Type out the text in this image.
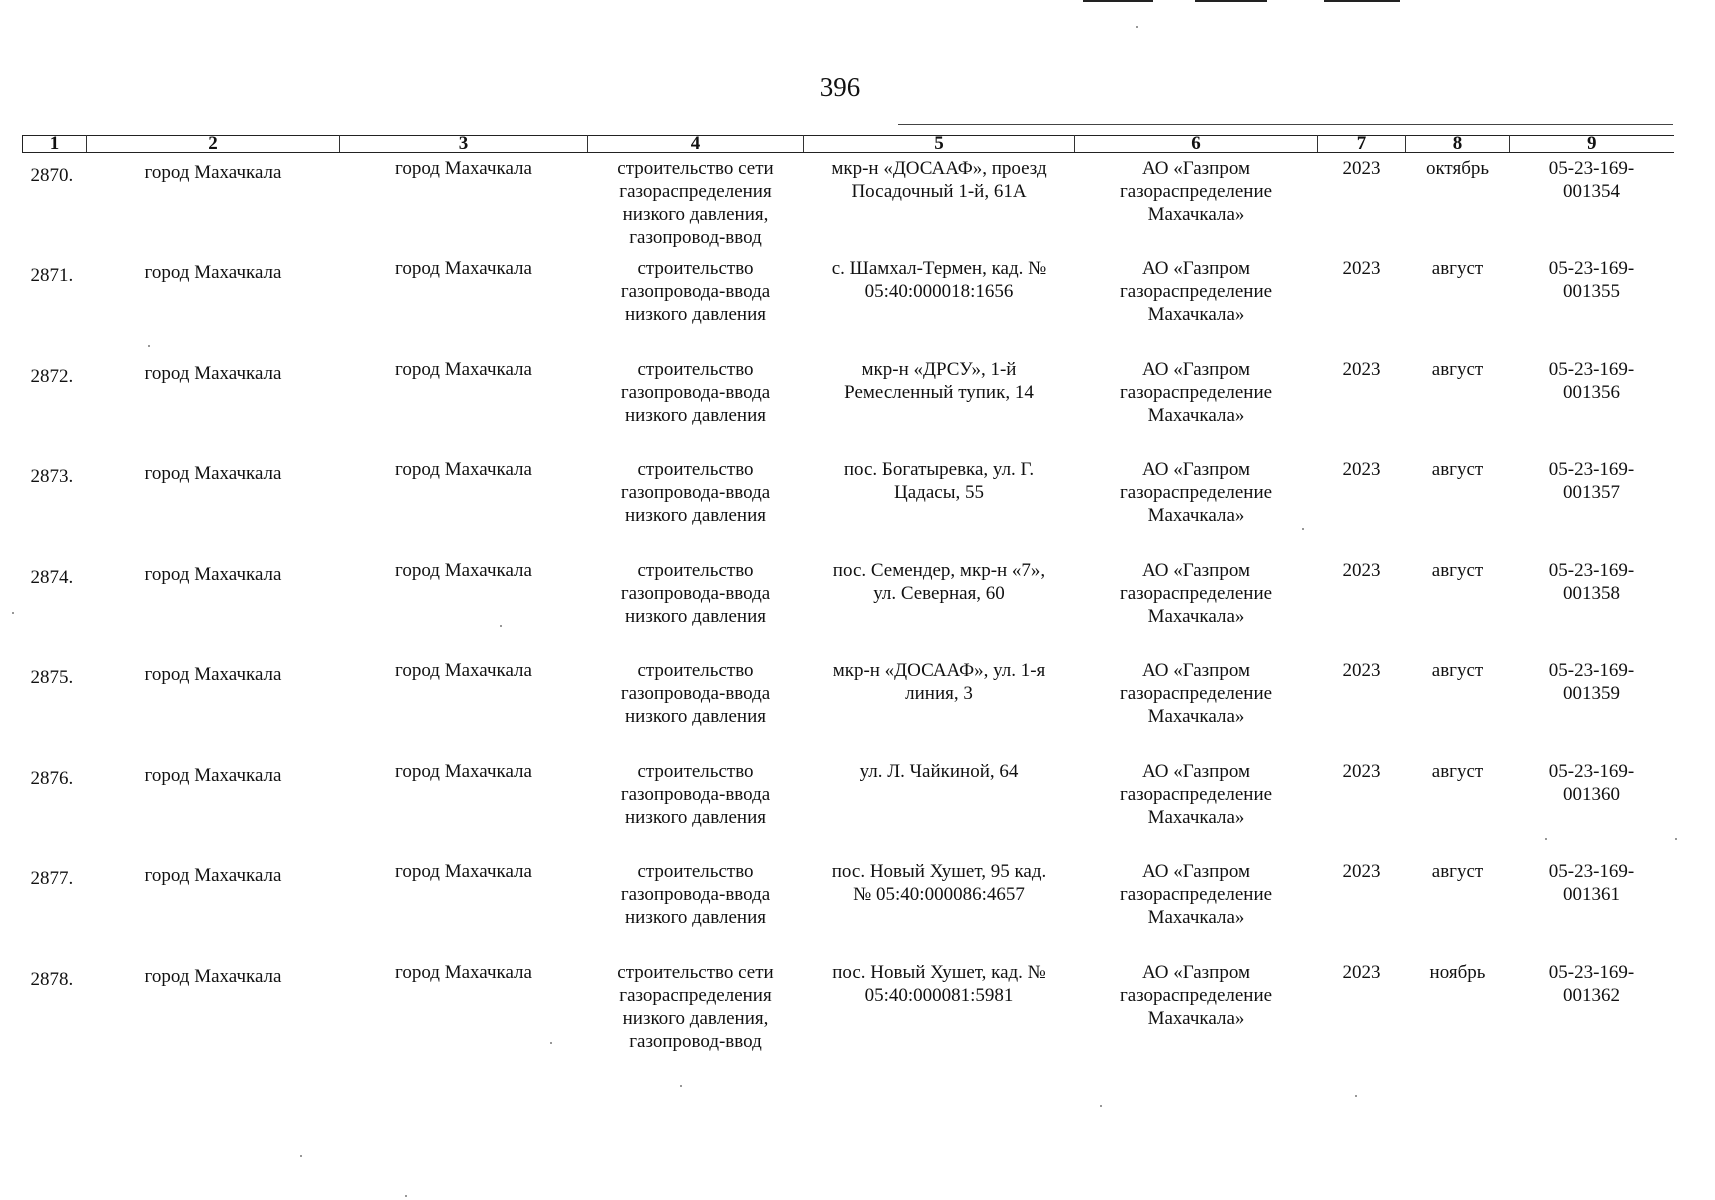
396
1	2	3	4	5	6	7	8	9
2870.	город Махачкала	город Махачкала	строительство сети газораспределения низкого давления, газопровод-ввод	мкр-н «ДОСААФ», проезд Посадочный 1-й, 61А	АО «Газпром газораспределение Махачкала»	2023	октябрь	05-23-169-001354

2871.	город Махачкала	город Махачкала	строительство газопровода-ввода низкого давления	с. Шамхал-Термен, кад. № 05:40:000018:1656	АО «Газпром газораспределение Махачкала»	2023	август	05-23-169-001355

2872.	город Махачкала	город Махачкала	строительство газопровода-ввода низкого давления	мкр-н «ДРСУ», 1-й Ремесленный тупик, 14	АО «Газпром газораспределение Махачкала»	2023	август	05-23-169-001356

2873.	город Махачкала	город Махачкала	строительство газопровода-ввода низкого давления	пос. Богатыревка, ул. Г. Цадасы, 55	АО «Газпром газораспределение Махачкала»	2023	август	05-23-169-001357

2874.	город Махачкала	город Махачкала	строительство газопровода-ввода низкого давления	пос. Семендер, мкр-н «7», ул. Северная, 60	АО «Газпром газораспределение Махачкала»	2023	август	05-23-169-001358

2875.	город Махачкала	город Махачкала	строительство газопровода-ввода низкого давления	мкр-н «ДОСААФ», ул. 1-я линия, 3	АО «Газпром газораспределение Махачкала»	2023	август	05-23-169-001359

2876.	город Махачкала	город Махачкала	строительство газопровода-ввода низкого давления	ул. Л. Чайкиной, 64	АО «Газпром газораспределение Махачкала»	2023	август	05-23-169-001360

2877.	город Махачкала	город Махачкала	строительство газопровода-ввода низкого давления	пос. Новый Хушет, 95 кад. № 05:40:000086:4657	АО «Газпром газораспределение Махачкала»	2023	август	05-23-169-001361

2878.	город Махачкала	город Махачкала	строительство сети газораспределения низкого давления, газопровод-ввод	пос. Новый Хушет, кад. № 05:40:000081:5981	АО «Газпром газораспределение Махачкала»	2023	ноябрь	05-23-169-001362
